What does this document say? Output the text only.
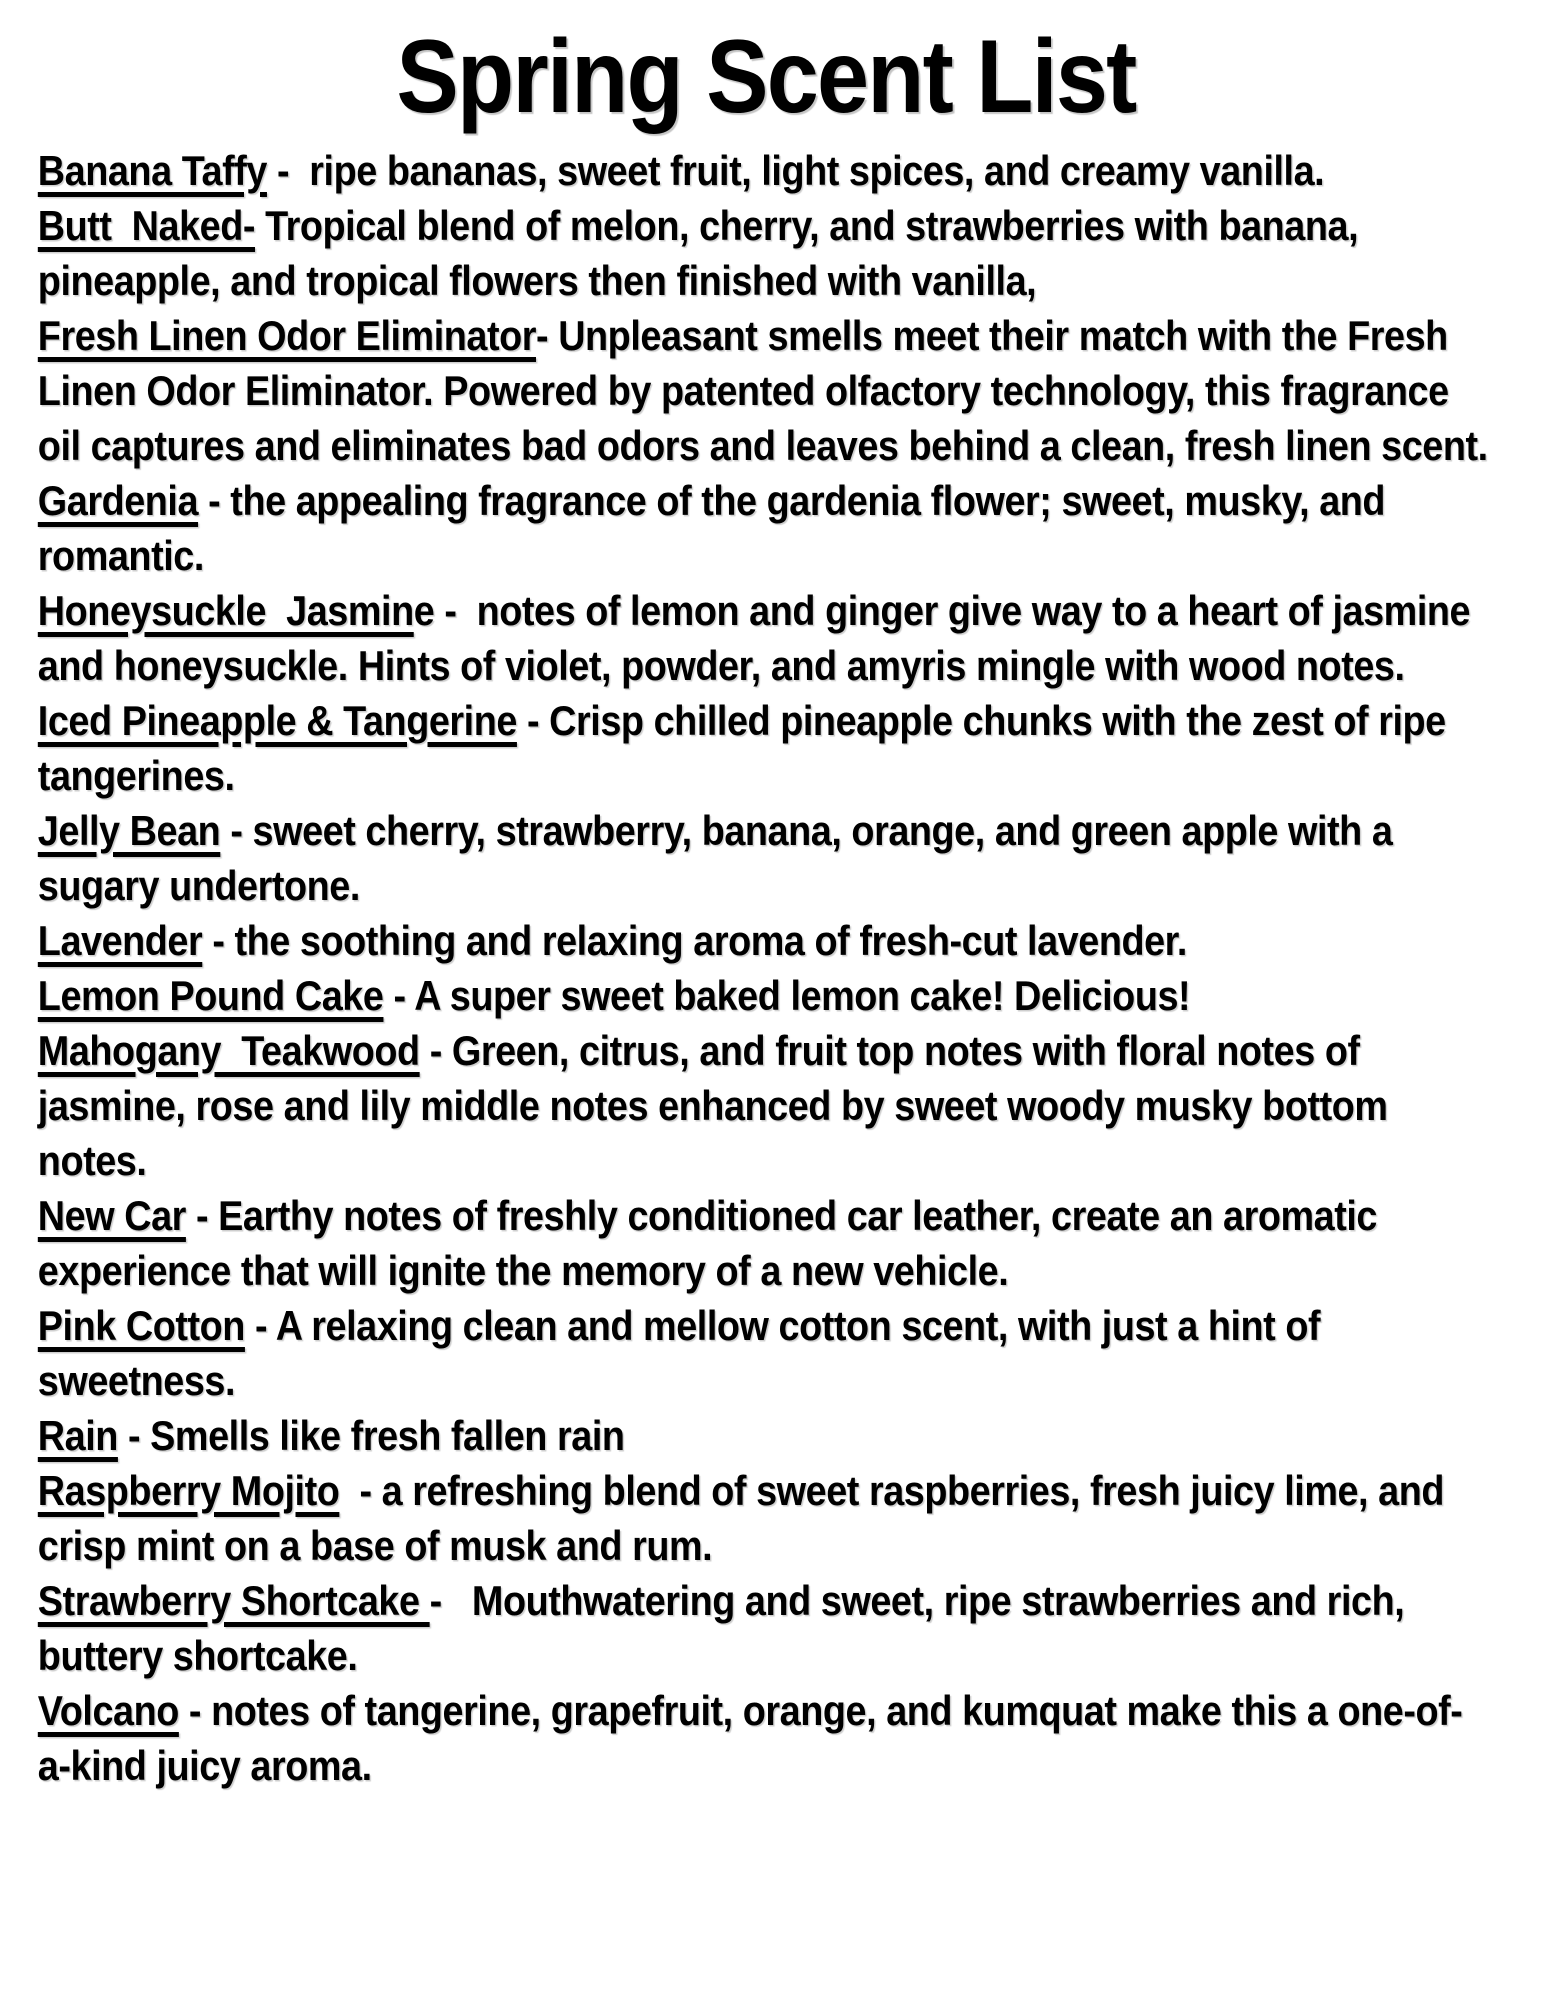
Spring Scent List

Banana Taffy -  ripe bananas, sweet fruit, light spices, and creamy vanilla.

Butt  Naked- Tropical blend of melon, cherry, and strawberries with banana, pineapple, and tropical flowers then finished with vanilla,

Fresh Linen Odor Eliminator- Unpleasant smells meet their match with the Fresh Linen Odor Eliminator. Powered by patented olfactory technology, this fragrance oil captures and eliminates bad odors and leaves behind a clean, fresh linen scent.

Gardenia - the appealing fragrance of the gardenia flower; sweet, musky, and romantic.

Honeysuckle  Jasmine -  notes of lemon and ginger give way to a heart of jasmine and honeysuckle. Hints of violet, powder, and amyris mingle with wood notes.

Iced Pineapple & Tangerine - Crisp chilled pineapple chunks with the zest of ripe tangerines.

Jelly Bean - sweet cherry, strawberry, banana, orange, and green apple with a sugary undertone.

Lavender - the soothing and relaxing aroma of fresh-cut lavender.

Lemon Pound Cake - A super sweet baked lemon cake! Delicious!

Mahogany  Teakwood - Green, citrus, and fruit top notes with floral notes of jasmine, rose and lily middle notes enhanced by sweet woody musky bottom notes.

New Car - Earthy notes of freshly conditioned car leather, create an aromatic experience that will ignite the memory of a new vehicle.

Pink Cotton - A relaxing clean and mellow cotton scent, with just a hint of sweetness.

Rain - Smells like fresh fallen rain

Raspberry Mojito  - a refreshing blend of sweet raspberries, fresh juicy lime, and crisp mint on a base of musk and rum.

Strawberry Shortcake -   Mouthwatering and sweet, ripe strawberries and rich, buttery shortcake.

Volcano - notes of tangerine, grapefruit, orange, and kumquat make this a one-of-a-kind juicy aroma.
